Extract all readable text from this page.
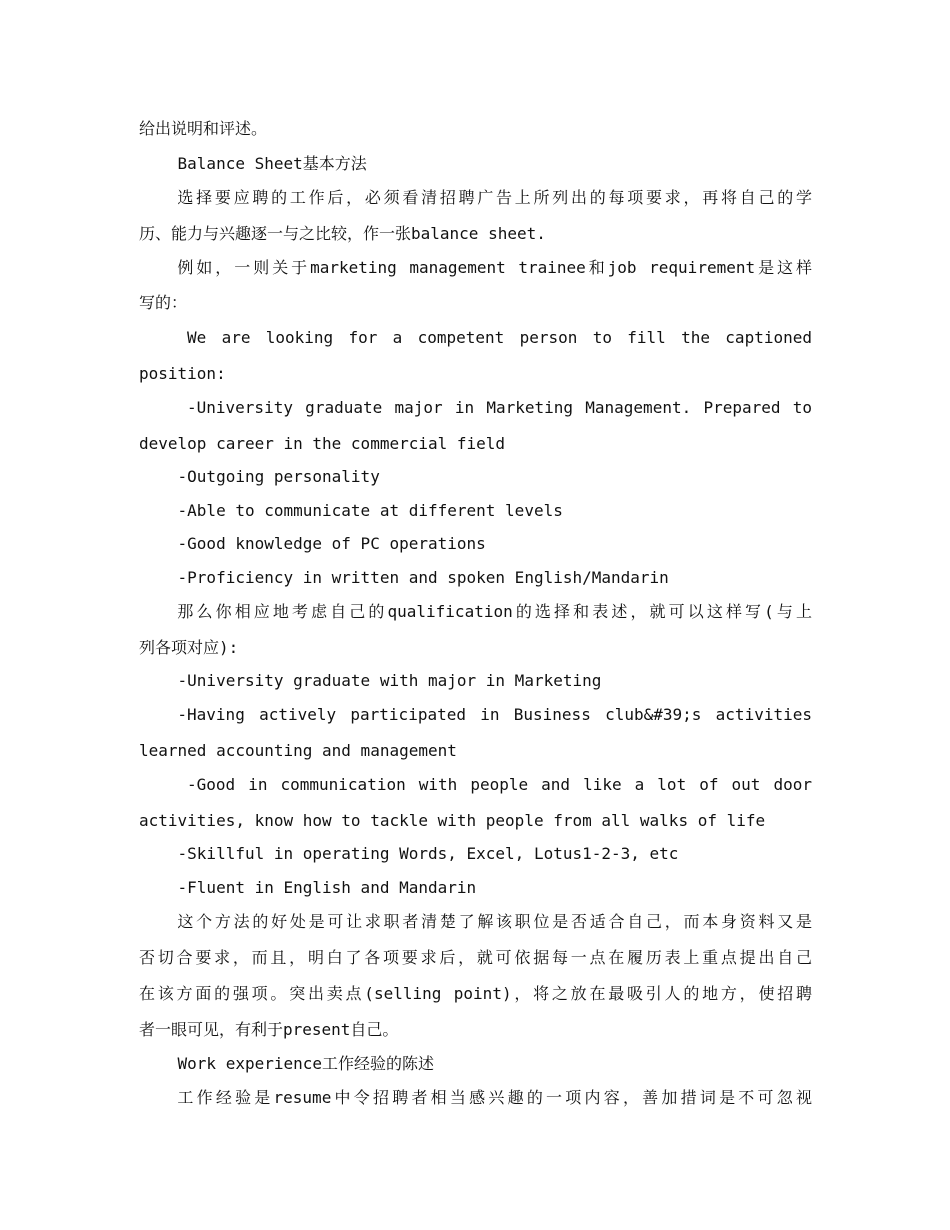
给出说明和评述。
Balance Sheet基本方法
选择要应聘的工作后，必须看清招聘广告上所列出的每项要求，再将自己的学
历、能力与兴趣逐一与之比较，作一张balance sheet.
例如，一则关于marketing management trainee和job requirement是这样
写的：
We are looking for a competent person to fill the captioned
position:
-University graduate major in Marketing Management. Prepared to
develop career in the commercial field
-Outgoing personality
-Able to communicate at different levels
-Good knowledge of PC operations
-Proficiency in written and spoken English/Mandarin
那么你相应地考虑自己的qualification的选择和表述，就可以这样写(与上
列各项对应):
-University graduate with major in Marketing
-Having actively participated in Business club&#39;s activities
learned accounting and management
-Good in communication with people and like a lot of out door
activities, know how to tackle with people from all walks of life
-Skillful in operating Words, Excel, Lotus1-2-3, etc
-Fluent in English and Mandarin
这个方法的好处是可让求职者清楚了解该职位是否适合自己，而本身资料又是
否切合要求，而且，明白了各项要求后，就可依据每一点在履历表上重点提出自己
在该方面的强项。突出卖点(selling point)，将之放在最吸引人的地方，使招聘
者一眼可见，有利于present自己。
Work experience工作经验的陈述
工作经验是resume中令招聘者相当感兴趣的一项内容，善加措词是不可忽视
